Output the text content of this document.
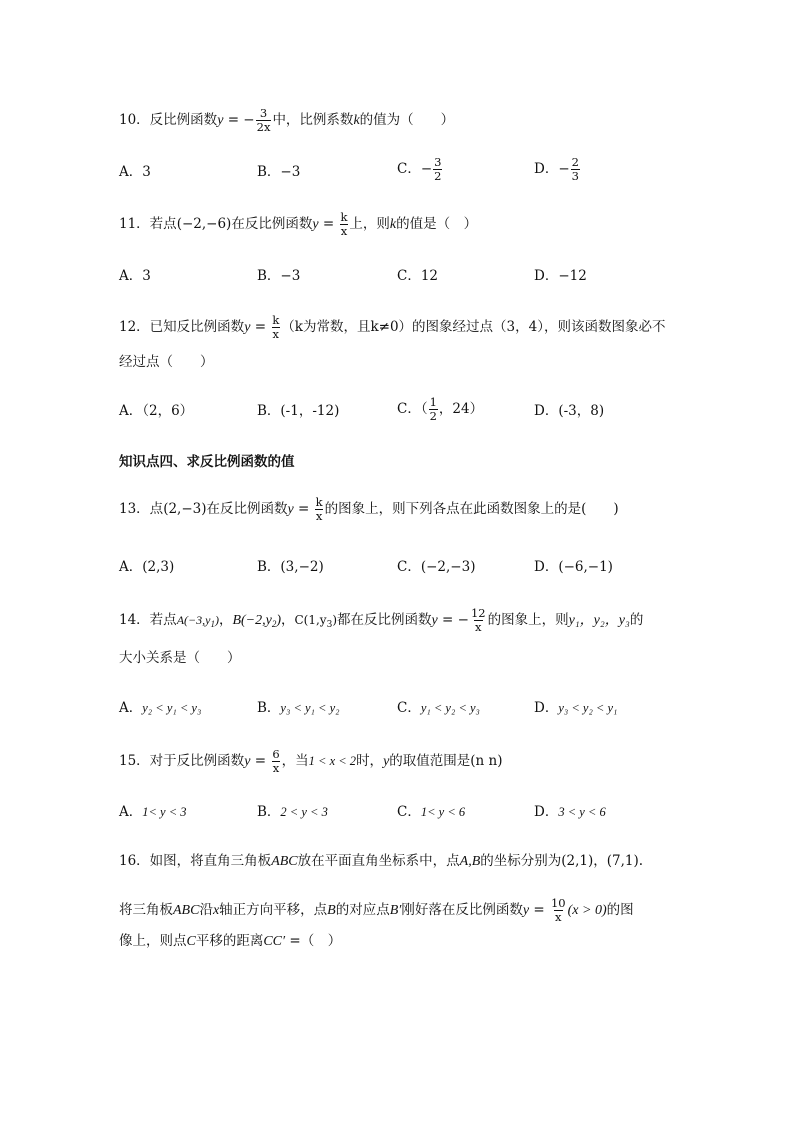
10．反比例函数y = − $\frac{3}{2x}$ 中，比例系数k的值为（　　）
A．3	B．−3	C．− $\frac{3}{2}$	D．− $\frac{2}{3}$
11．若点(−2,−6)在反比例函数$y = \frac{k}{x}$ 上，则k的值是（　）
A．3	B．−3	C．12	D．−12
12．已知反比例函数$y = \frac{k}{x} (k$为常数，且k≠0）的图象经过点（3，4），则该函数图象必不
经过点（　　）
A．（2，6）	B．(-1，-12)	C．（ $\frac{1}{2}$ ，24）	D．(-3，8)
知识点四、求反比例函数的值
13．点(2,−3)在反比例函数$y = \frac{k}{x}$ 的图象上，则下列各点在此函数图象上的是(　　)
A．(2,3)	B．(3,−2)	C．(−2,−3)	D．(−6,−1)
14．若点$A(-3,y_1)$，$B(-2,y_2)$，$C(1,y_3)$都在反比例函数y = − $\frac{12}{x}$ 的图象上，则y₁，y₂，y₃的
大小关系是（　　）
A．y₂ < y₁ < y₃	B．y₃ < y₁ < y₂	C．y₁ < y₂ < y₃	D．y₃ < y₂ < y₁
15．对于反比例函数$y = \frac{6}{x}$ ，当1 < x < 2时，y的取值范围是(n n)
A．1< y < 3	B．2 < y < 3	C．1< y < 6	D．3 < y < 6
16．如图，将直角三角板ABC放在平面直角坐标系中，点A,B的坐标分别为(2,1)，(7,1).
将三角板ABC沿x轴正方向平移，点B的对应点B′刚好落在反比例函数$y = \frac{10}{x} (x > 0)$的图
像上，则点C平移的距离CC′ =（　）
